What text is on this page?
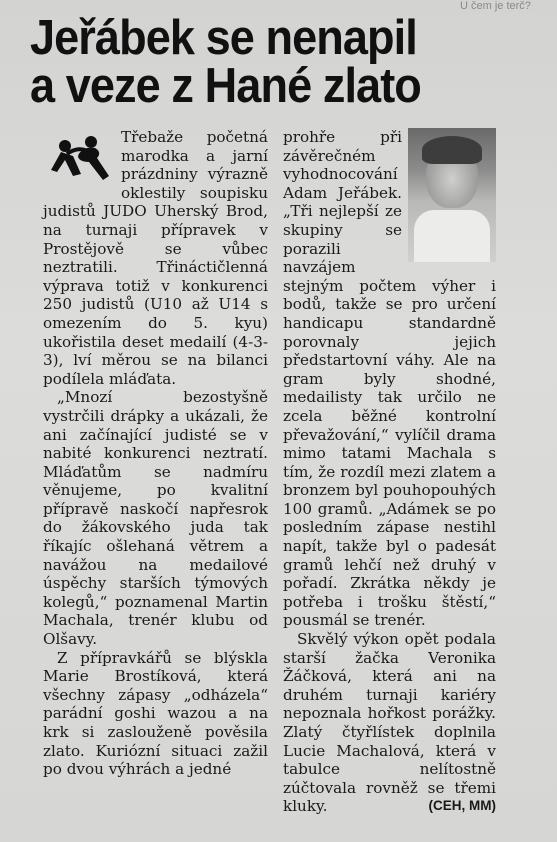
U čem je terč?
Jeřábek se nenapil
a veze z Hané zlato

Třebaže početná marodka a jarní prázdniny výrazně oklestily soupisku judistů JUDO Uherský Brod, na turnaji přípravek v Prostějově se vůbec neztratili. Třináctičlenná výprava totiž v konkurenci 250 judistů (U10 až U14 s omezením do 5. kyu) ukořistila deset medailí (4-3-3), lví měrou se na bilanci podílela mláďata.

„Mnozí bezostyšně vystrčili drápky a ukázali, že ani začínající judisté se v nabité konkurenci neztratí. Mláďatům se nadmíru věnujeme, po kvalitní přípravě naskočí napřesrok do žákovského juda tak říkajíc ošlehaná větrem a navážou na medailové úspěchy starších týmových kolegů,“ poznamenal Martin Machala, trenér klubu od Olšavy.

Z přípravkářů se blýskla Marie Brostíková, která všechny zápasy „odházela“ parádní goshi wazou a na krk si zaslouženě pověsila zlato. Kuriózní situaci zažil po dvou výhrách a jedné

prohře při závěrečném vyhodnocování Adam Jeřábek. „Tři nejlepší ze skupiny se porazili navzájem stejným počtem výher i bodů, takže se pro určení handicapu standardně porovnaly jejich předstartovní váhy. Ale na gram byly shodné, medailisty tak určilo ne zcela běžné kontrolní převažování,“ vylíčil drama mimo tatami Machala s tím, že rozdíl mezi zlatem a bronzem byl pouhopouhých 100 gramů. „Adámek se po posledním zápase nestihl napít, takže byl o padesát gramů lehčí než druhý v pořadí. Zkrátka někdy je potřeba i trošku štěstí,“ pousmál se trenér.

Skvělý výkon opět podala starší žačka Veronika Žáčková, která ani na druhém turnaji kariéry nepoznala hořkost porážky. Zlatý čtyřlístek doplnila Lucie Machalová, která v tabulce nelítostně zúčtovala rovněž se třemi kluky.	(CEH, MM)
